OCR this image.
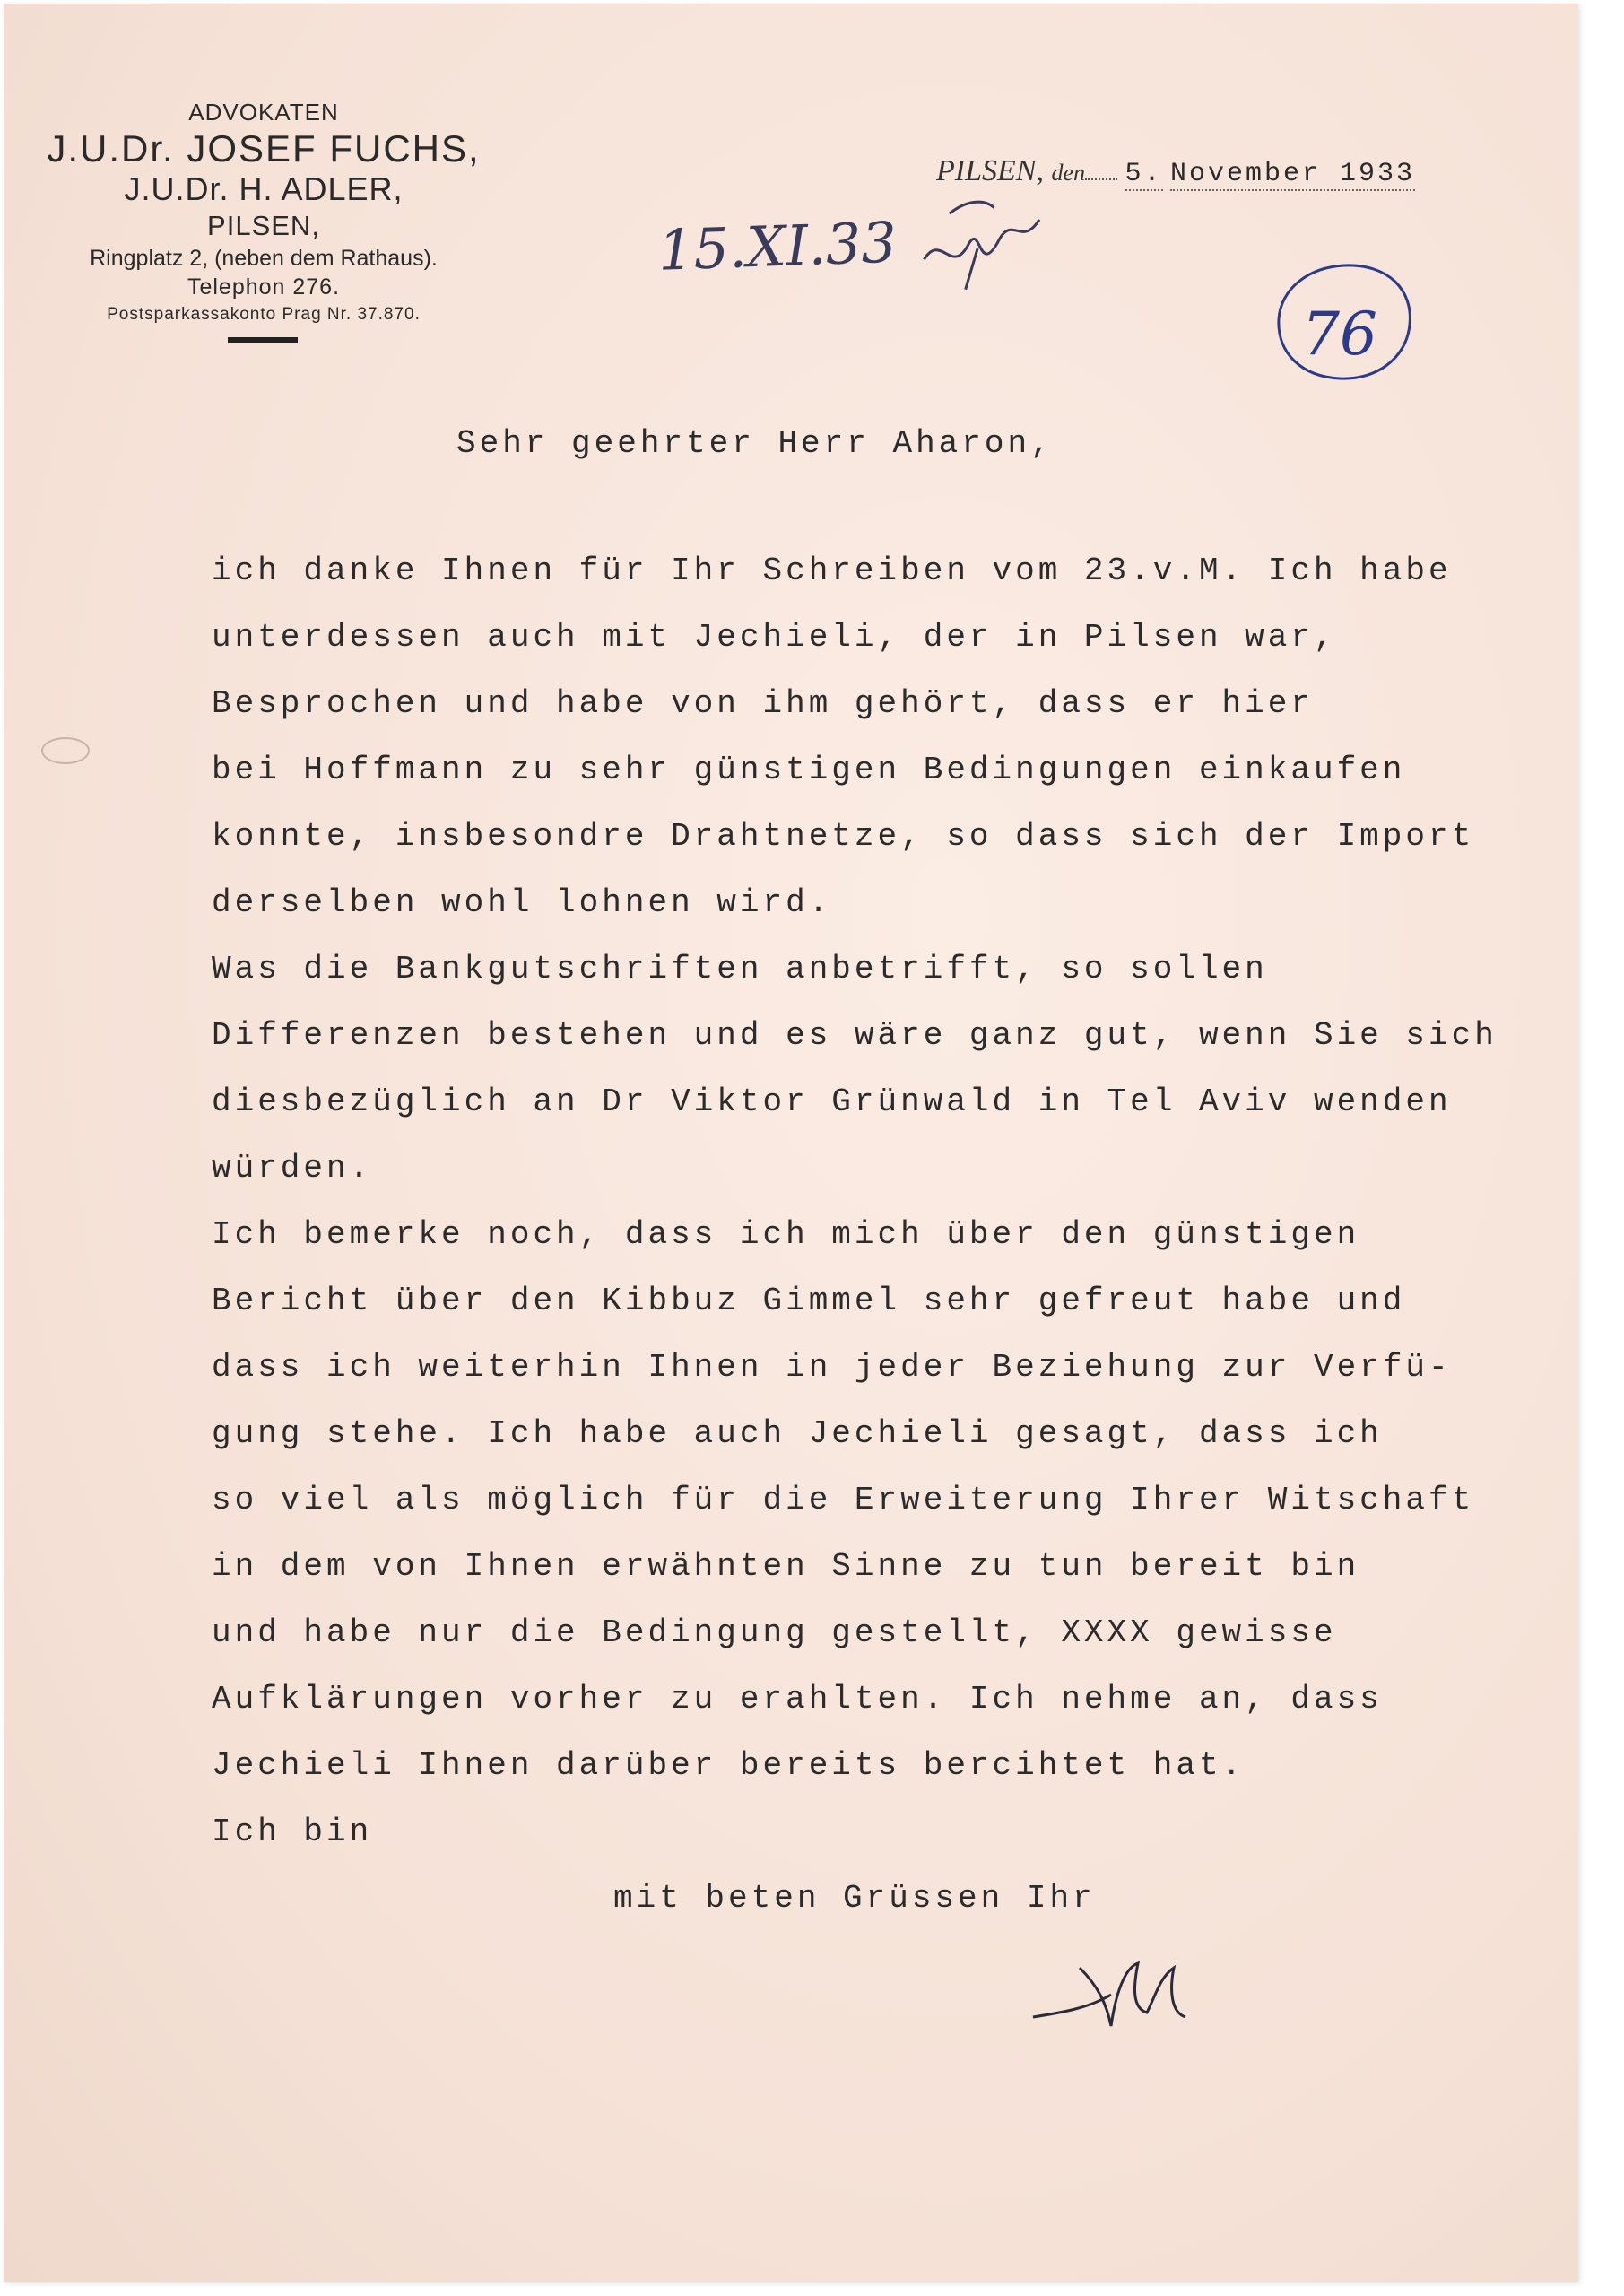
ADVOKATEN
J.U.Dr. JOSEF FUCHS,
J.U.Dr. H. ADLER,
PILSEN,
Ringplatz 2, (neben dem Rathaus).
Telephon 276.
Postsparkassakonto Prag Nr. 37.870.
PILSEN, den 5. November 1933
15.XI.33
76
Sehr geehrter Herr Aharon,
ich danke Ihnen für Ihr Schreiben vom 23.v.M. Ich habe
unterdessen auch mit Jechieli, der in Pilsen war,
Besprochen und habe von ihm gehört, dass er hier
bei Hoffmann zu sehr günstigen Bedingungen einkaufen
konnte, insbesondre Drahtnetze, so dass sich der Import
derselben wohl lohnen wird.
Was die Bankgutschriften anbetrifft, so sollen
Differenzen bestehen und es wäre ganz gut, wenn Sie sich
diesbezüglich an Dr Viktor Grünwald in Tel Aviv wenden
würden.
Ich bemerke noch, dass ich mich über den günstigen
Bericht über den Kibbuz Gimmel sehr gefreut habe und
dass ich weiterhin Ihnen in jeder Beziehung zur Verfü-
gung stehe. Ich habe auch Jechieli gesagt, dass ich
so viel als möglich für die Erweiterung Ihrer Witschaft
in dem von Ihnen erwähnten Sinne zu tun bereit bin
und habe nur die Bedingung gestellt, XXXX gewisse
Aufklärungen vorher zu erahlten. Ich nehme an, dass
Jechieli Ihnen darüber bereits bercihtet hat.
Ich bin
mit beten Grüssen Ihr
